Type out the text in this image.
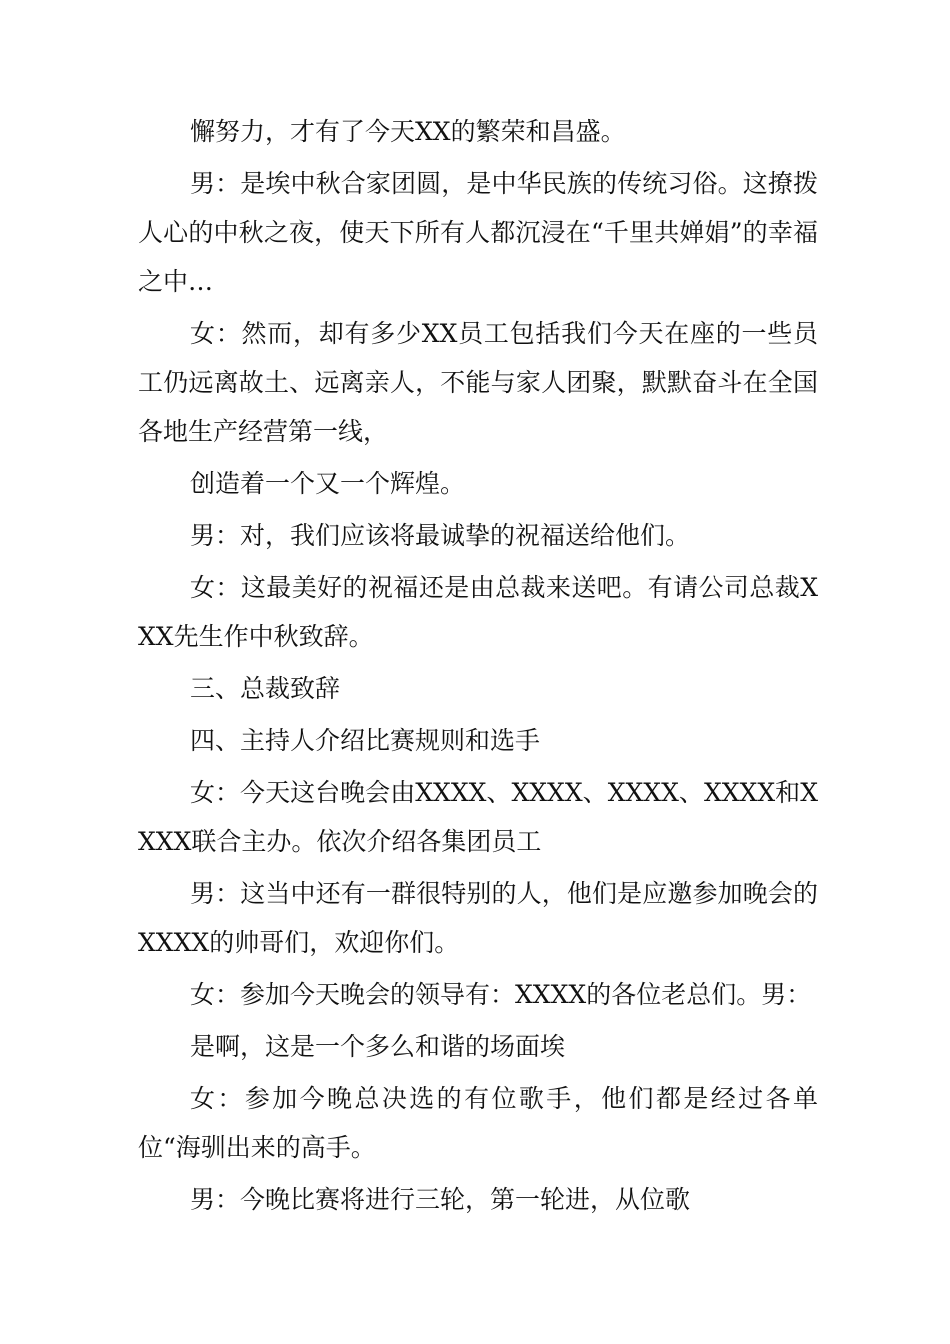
懈努力，才有了今天XX的繁荣和昌盛。

男：是埃中秋合家团圆，是中华民族的传统习俗。这撩拨人心的中秋之夜，使天下所有人都沉浸在“千里共婵娟”的幸福之中…

女：然而，却有多少XX员工包括我们今天在座的一些员工仍远离故土、远离亲人，不能与家人团聚，默默奋斗在全国各地生产经营第一线，

创造着一个又一个辉煌。

男：对，我们应该将最诚挚的祝福送给他们。

女：这最美好的祝福还是由总裁来送吧。有请公司总裁XXX先生作中秋致辞。

三、总裁致辞

四、主持人介绍比赛规则和选手

女：今天这台晚会由XXXX、XXXX、XXXX、XXXX和XXXX联合主办。依次介绍各集团员工

男：这当中还有一群很特别的人，他们是应邀参加晚会的XXXX的帅哥们，欢迎你们。

女：参加今天晚会的领导有：XXXX的各位老总们。男：

是啊，这是一个多么和谐的场面埃

女：参加今晚总决选的有位歌手，他们都是经过各单位“海驯出来的高手。

男：今晚比赛将进行三轮，第一轮进，从位歌
